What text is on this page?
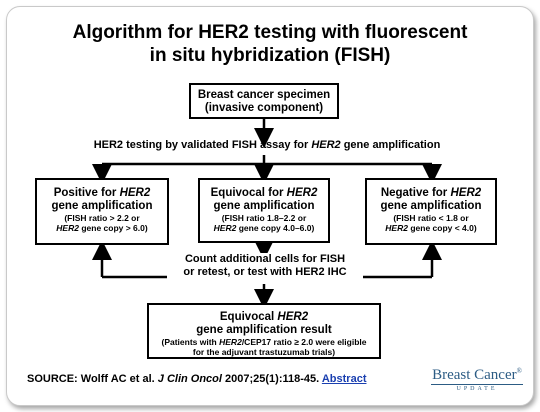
Algorithm for HER2 testing with fluorescent
in situ hybridization (FISH)
Breast cancer specimen
(invasive component)
HER2 testing by validated FISH assay for HER2 gene amplification
Positive for HER2
gene amplification
(FISH ratio > 2.2 or
HER2 gene copy > 6.0)
Equivocal for HER2
gene amplification
(FISH ratio 1.8–2.2 or
HER2 gene copy 4.0–6.0)
Negative for HER2
gene amplification
(FISH ratio < 1.8 or
HER2 gene copy < 4.0)
Count additional cells for FISH
or retest, or test with HER2 IHC
Equivocal HER2
gene amplification result
(Patients with HER2/CEP17 ratio ≥ 2.0 were eligible
for the adjuvant trastuzumab trials)
SOURCE: Wolff AC et al. J Clin Oncol 2007;25(1):118-45. Abstract	Breast Cancer®
UPDATE
